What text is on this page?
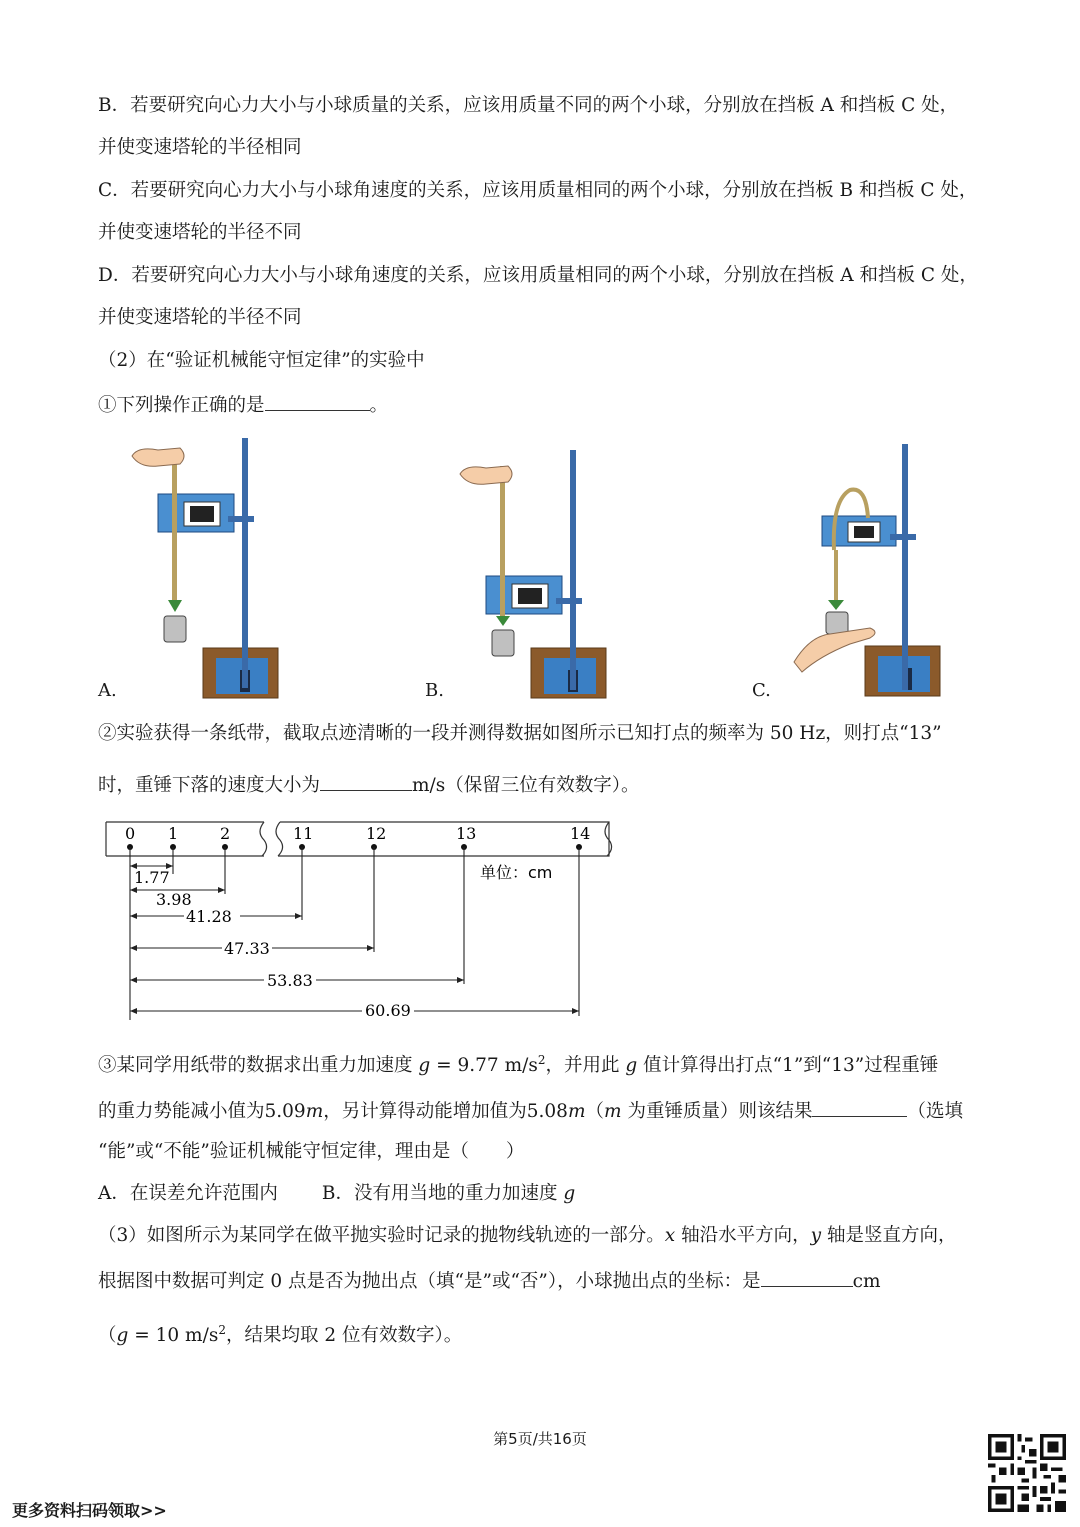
B．若要研究向心力大小与小球质量的关系，应该用质量不同的两个小球，分别放在挡板 A 和挡板 C 处，
并使变速塔轮的半径相同
C．若要研究向心力大小与小球角速度的关系，应该用质量相同的两个小球，分别放在挡板 B 和挡板 C 处，
并使变速塔轮的半径不同
D．若要研究向心力大小与小球角速度的关系，应该用质量相同的两个小球，分别放在挡板 A 和挡板 C 处，
并使变速塔轮的半径不同
（2）在“验证机械能守恒定律”的实验中
①下列操作正确的是	。
A.	B.	C.
②实验获得一条纸带，截取点迹清晰的一段并测得数据如图所示已知打点的频率为 50 Hz，则打点“13”
时，重锤下落的速度大小为	m/s（保留三位有效数字）。
0 1	2	11	12	13	14
1.77
3.98
41.28
47.33
53.83
60.69
单位：cm
③某同学用纸带的数据求出重力加速度 g = 9.77 $m/s^2$，并用此 g 值计算得出打点“1”到“13”过程重锤
的重力势能减小值为5.09m，另计算得动能增加值为5.08m（m 为重锤质量）则该结果	（选填
“能”或“不能”验证机械能守恒定律，理由是（　　）
A．在误差允许范围内 B．没有用当地的重力加速度 g
（3）如图所示为某同学在做平抛实验时记录的抛物线轨迹的一部分。x 轴沿水平方向，y 轴是竖直方向，
根据图中数据可判定 0 点是否为抛出点（填“是”或“否”），小球抛出点的坐标：是	cm
（g = 10 $m/s^2$，结果均取 2 位有效数字）。
第5页/共16页
更多资料扫码领取>>
